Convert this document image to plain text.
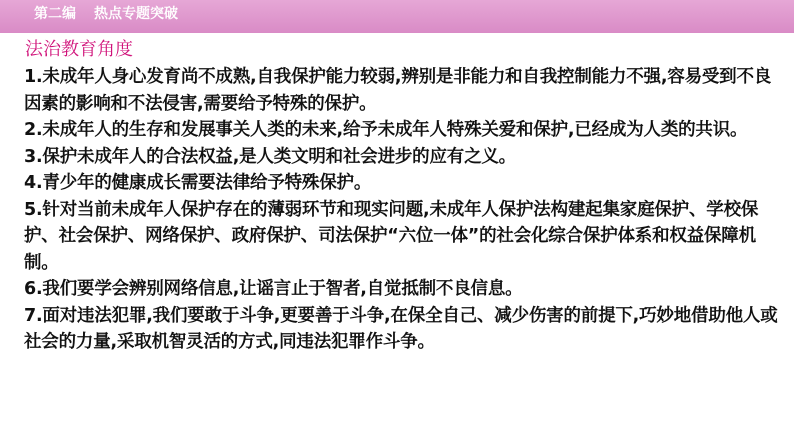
第二编 热点专题突破
法治教育角度

1.未成年人身心发育尚不成熟,自我保护能力较弱,辨别是非能力和自我控制能力不强,容易受到不良因素的影响和不法侵害,需要给予特殊的保护。

2.未成年人的生存和发展事关人类的未来,给予未成年人特殊关爱和保护,已经成为人类的共识。

3.保护未成年人的合法权益,是人类文明和社会进步的应有之义。

4.青少年的健康成长需要法律给予特殊保护。

5.针对当前未成年人保护存在的薄弱环节和现实问题,未成年人保护法构建起集家庭保护、学校保护、社会保护、网络保护、政府保护、司法保护“六位一体”的社会化综合保护体系和权益保障机制。

6.我们要学会辨别网络信息,让谣言止于智者,自觉抵制不良信息。

7.面对违法犯罪,我们要敢于斗争,更要善于斗争,在保全自己、减少伤害的前提下,巧妙地借助他人或社会的力量,采取机智灵活的方式,同违法犯罪作斗争。
